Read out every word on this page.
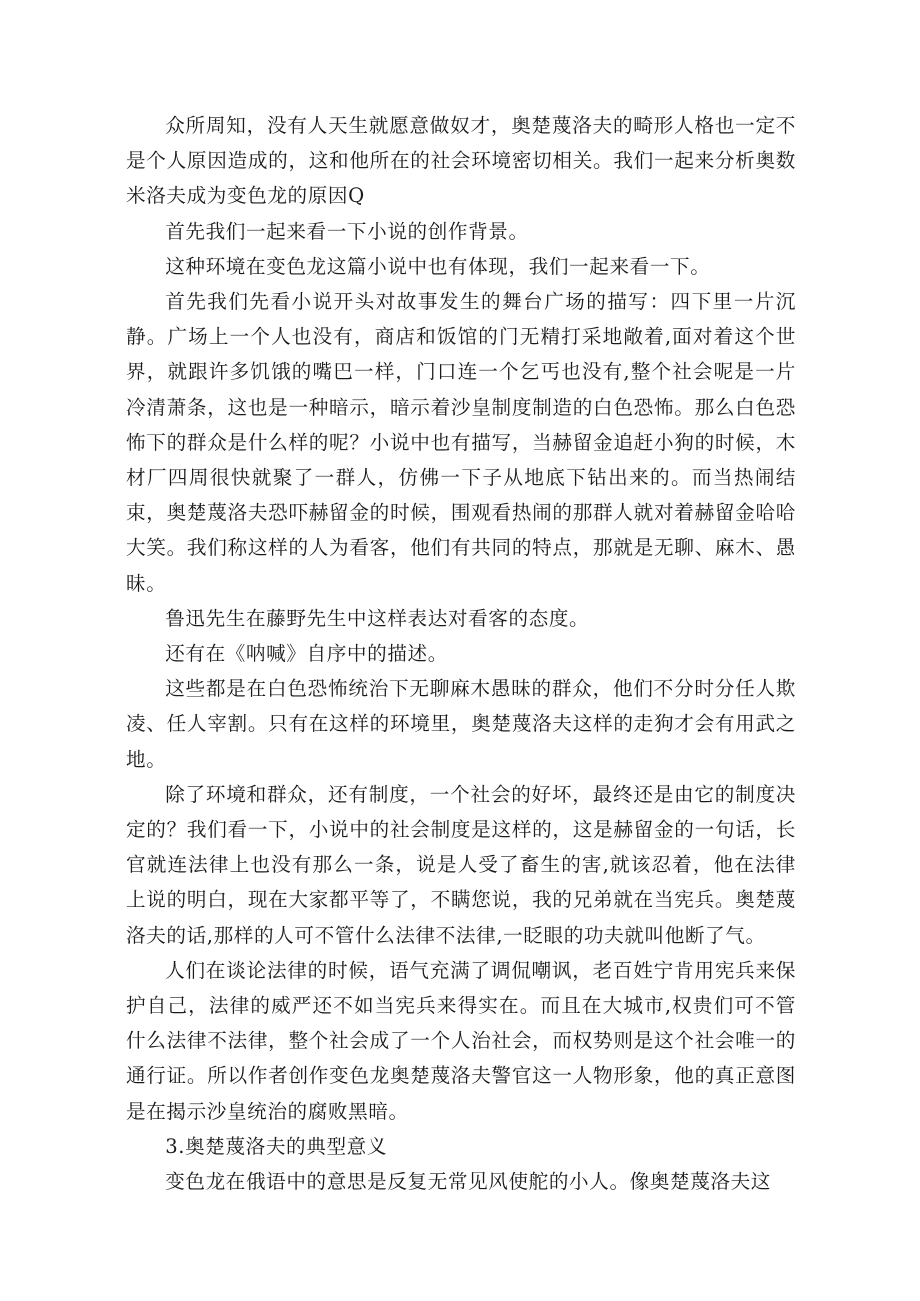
众所周知，没有人天生就愿意做奴才，奥楚蔑洛夫的畸形人格也一定不是个人原因造成的，这和他所在的社会环境密切相关。我们一起来分析奥数米洛夫成为变色龙的原因Q

首先我们一起来看一下小说的创作背景。

这种环境在变色龙这篇小说中也有体现，我们一起来看一下。

首先我们先看小说开头对故事发生的舞台广场的描写：四下里一片沉静。广场上一个人也没有，商店和饭馆的门无精打采地敞着,面对着这个世界，就跟许多饥饿的嘴巴一样，门口连一个乞丐也没有,整个社会呢是一片冷清萧条，这也是一种暗示，暗示着沙皇制度制造的白色恐怖。那么白色恐怖下的群众是什么样的呢？小说中也有描写，当赫留金追赶小狗的时候，木材厂四周很快就聚了一群人，仿佛一下子从地底下钻出来的。而当热闹结束，奥楚蔑洛夫恐吓赫留金的时候，围观看热闹的那群人就对着赫留金哈哈大笑。我们称这样的人为看客，他们有共同的特点，那就是无聊、麻木、愚昧。

鲁迅先生在藤野先生中这样表达对看客的态度。

还有在《呐喊》自序中的描述。

这些都是在白色恐怖统治下无聊麻木愚昧的群众，他们不分时分任人欺凌、任人宰割。只有在这样的环境里，奥楚蔑洛夫这样的走狗才会有用武之地。

除了环境和群众，还有制度，一个社会的好坏，最终还是由它的制度决定的？我们看一下，小说中的社会制度是这样的，这是赫留金的一句话，长官就连法律上也没有那么一条，说是人受了畜生的害,就该忍着，他在法律上说的明白，现在大家都平等了，不瞒您说，我的兄弟就在当宪兵。奥楚蔑洛夫的话,那样的人可不管什么法律不法律,一眨眼的功夫就叫他断了气。

人们在谈论法律的时候，语气充满了调侃嘲讽，老百姓宁肯用宪兵来保护自己，法律的威严还不如当宪兵来得实在。而且在大城市,权贵们可不管什么法律不法律，整个社会成了一个人治社会，而权势则是这个社会唯一的通行证。所以作者创作变色龙奥楚蔑洛夫警官这一人物形象，他的真正意图是在揭示沙皇统治的腐败黑暗。

3.奥楚蔑洛夫的典型意义

变色龙在俄语中的意思是反复无常见风使舵的小人。像奥楚蔑洛夫这
